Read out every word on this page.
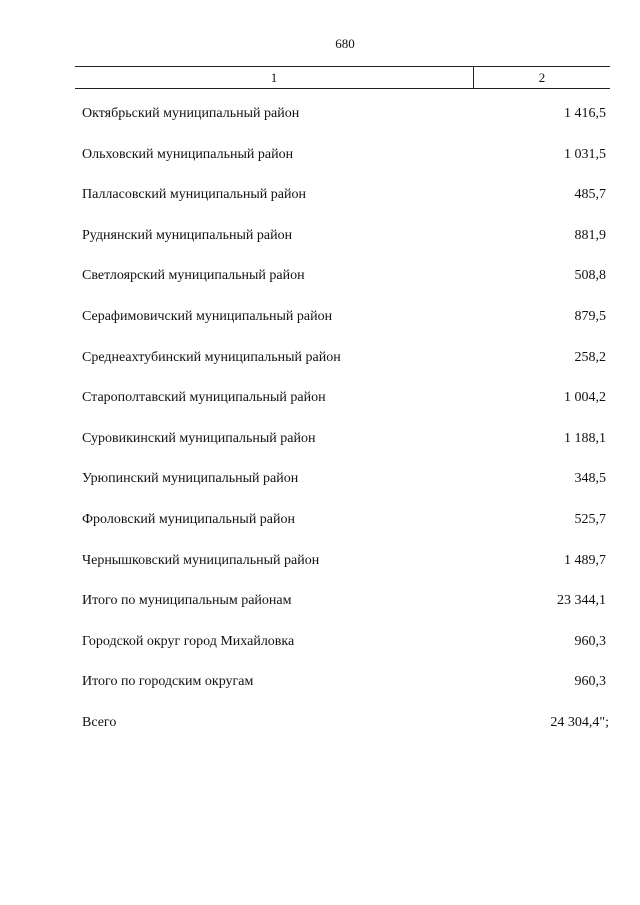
680
1	2
Октябрьский муниципальный район	1 416,5
Ольховский муниципальный район	1 031,5
Палласовский муниципальный район	485,7
Руднянский муниципальный район	881,9
Светлоярский муниципальный район	508,8
Серафимовичский муниципальный район	879,5
Среднеахтубинский муниципальный район	258,2
Старополтавский муниципальный район	1 004,2
Суровикинский муниципальный район	1 188,1
Урюпинский муниципальный район	348,5
Фроловский муниципальный район	525,7
Чернышковский муниципальный район	1 489,7
Итого по муниципальным районам	23 344,1
Городской округ город Михайловка	960,3
Итого по городским округам	960,3
Всего	24 304,4";
